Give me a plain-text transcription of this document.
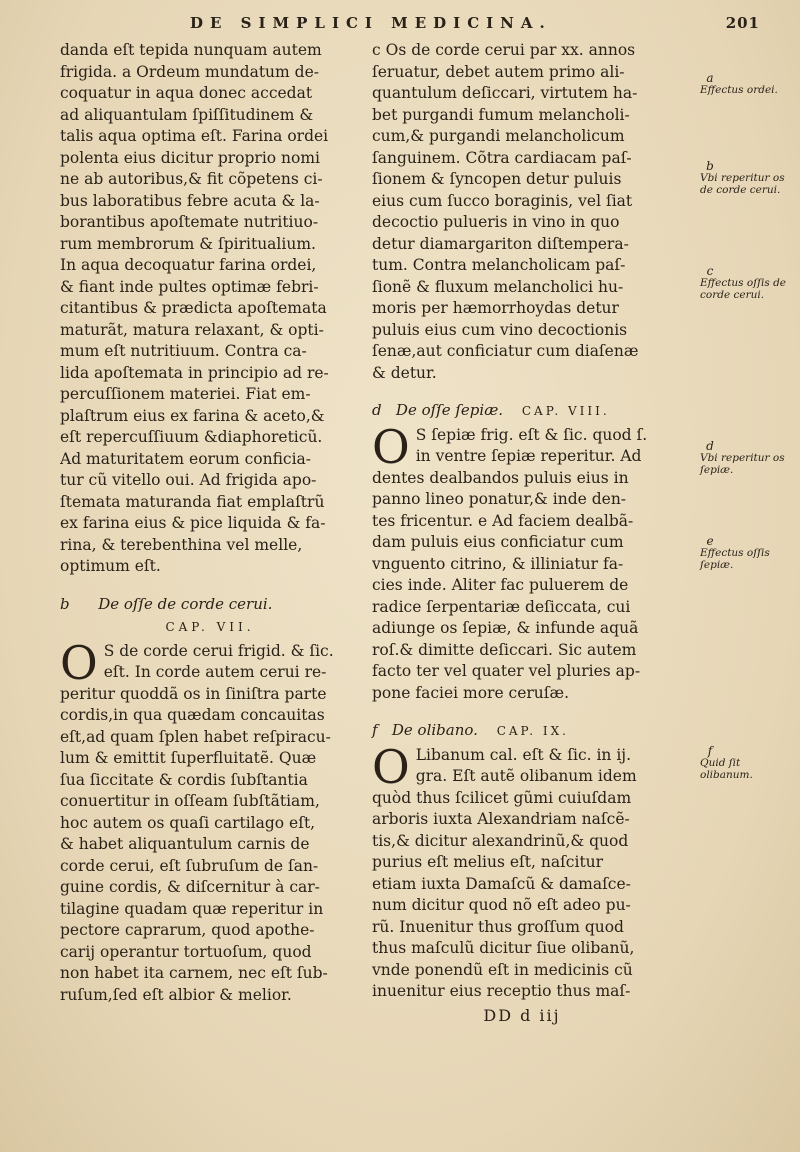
DE SIMPLICI MEDICINA.	201
danda eſt tepida nunquam autem
frigida. a Ordeum mundatum de-
coquatur in aqua donec accedat
ad aliquantulam ſpiſſitudinem &
talis aqua optima eſt. Farina ordei
polenta eius dicitur proprio nomi
ne ab autoribus,& fit cõpetens ci-
bus laboratibus febre acuta & la-
borantibus apoſtemate nutritiuo-
rum membrorum & ſpiritualium.
In aqua decoquatur farina ordei,
& fiant inde pultes optimæ febri-
citantibus & prædicta apoſtemata
maturãt, matura relaxant, & opti-
mum eſt nutritiuum. Contra ca-
lida apoſtemata in principio ad re-
percuſſionem materiei. Fiat em-
plaſtrum eius ex farina & aceto,&
eſt repercuſſiuum &diaphoreticũ.
Ad maturitatem eorum conficia-
tur cũ vitello oui. Ad frigida apo-
ſtemata maturanda fiat emplaſtrũ
ex farina eius & pice liquida & fa-
rina, & terebenthina vel melle,
optimum eſt.
b De oſſe de corde cerui.
CAP. VII.
O S de corde cerui frigid. & ſic.
eſt. In corde autem cerui re-
peritur quoddã os in ſiniſtra parte
cordis,in qua quædam concauitas
eſt,ad quam ſplen habet reſpiracu-
lum & emittit ſuperfluitatẽ. Quæ
ſua ſiccitate & cordis ſubſtantia
conuertitur in oſſeam ſubſtãtiam,
hoc autem os quaſi cartilago eſt,
& habet aliquantulum carnis de
corde cerui, eſt ſubruſum de ſan-
guine cordis, & diſcernitur à car-
tilagine quadam quæ reperitur in
pectore caprarum, quod apothe-
carij operantur tortuoſum, quod
non habet ita carnem, nec eſt ſub-
ruſum,ſed eſt albior & melior.
c Os de corde cerui par xx. annos
ſeruatur, debet autem primo ali-
quantulum deſiccari, virtutem ha-
bet purgandi fumum melancholi-
cum,& purgandi melancholicum
ſanguinem. Cõtra cardiacam paſ-
ſionem & ſyncopen detur puluis
eius cum ſucco boraginis, vel ſiat
decoctio pulueris in vino in quo
detur diamargariton diſtempera-
tum. Contra melancholicam paſ-
ſionẽ & fluxum melancholici hu-
moris per hæmorrhoydas detur
puluis eius cum vino decoctionis
ſenæ,aut conficiatur cum diaſenæ
& detur.
d De oſſe ſepiæ. CAP. VIII.
O S ſepiæ frig. eſt & ſic. quod ſ.
in ventre ſepiæ reperitur. Ad
dentes dealbandos puluis eius in
panno lineo ponatur,& inde den-
tes fricentur. e Ad faciem dealbã-
dam puluis eius conficiatur cum
vnguento citrino, & illiniatur fa-
cies inde. Aliter fac puluerem de
radice ſerpentariæ deſiccata, cui
adiunge os ſepiæ, & infunde aquã
roſ.& dimitte deſiccari. Sic autem
facto ter vel quater vel pluries ap-
pone faciei more ceruſæ.
f De olibano. CAP. IX.
O Libanum cal. eſt & ſic. in ij.
gra. Eſt autẽ olibanum idem
quòd thus ſcilicet gũmi cuiuſdam
arboris iuxta Alexandriam naſcẽ-
tis,& dicitur alexandrinũ,& quod
purius eſt melius eſt, naſcitur
etiam iuxta Damaſcũ & damaſce-
num dicitur quod nõ eſt adeo pu-
rũ. Inuenitur thus groſſum quod
thus maſculũ dicitur ſiue olibanũ,
vnde ponendũ eſt in medicinis cũ
inuenitur eius receptio thus maſ-
DD d iij
a
Effectus ordei.
b
Vbi reperitur os de corde cerui.
c
Effectus oſſis de corde cerui.
d
Vbi reperitur os ſepiæ.
e
Effectus oſſis ſepiæ.
f
Quid ſit olibanum.
